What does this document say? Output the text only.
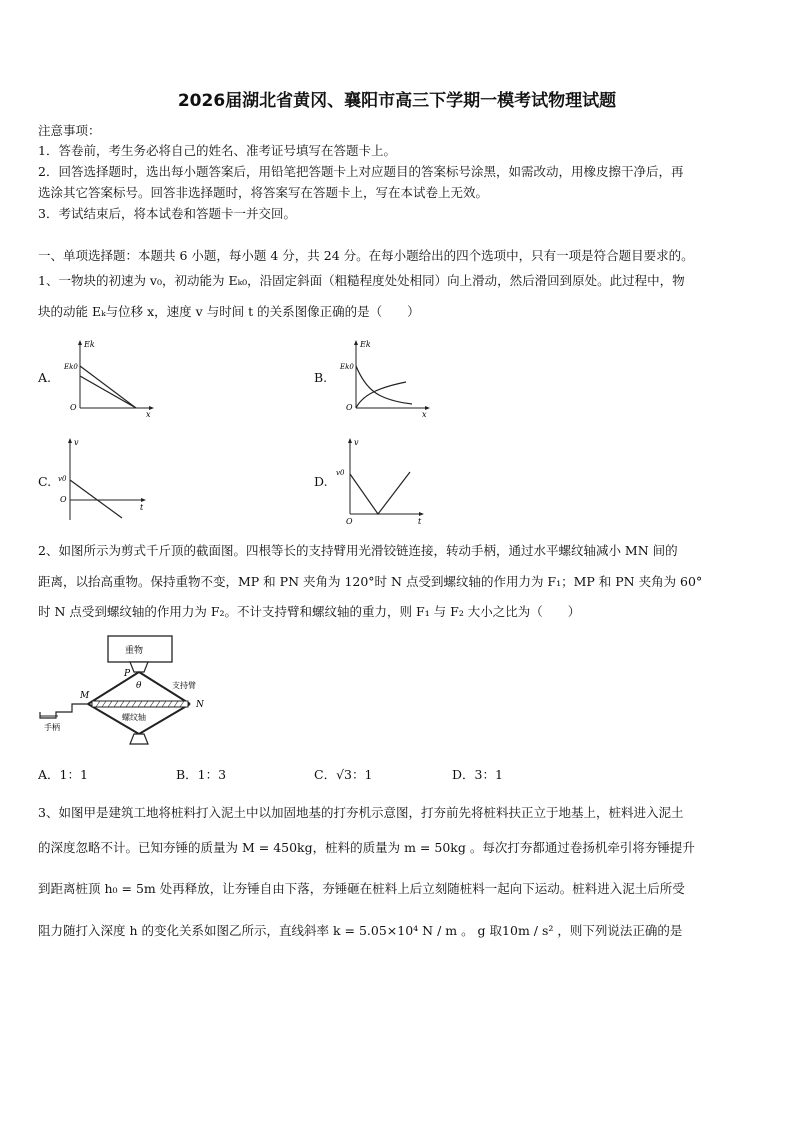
2026届湖北省黄冈、襄阳市高三下学期一模考试物理试题
注意事项：
1．答卷前，考生务必将自己的姓名、准考证号填写在答题卡上。
2．回答选择题时，选出每小题答案后，用铅笔把答题卡上对应题目的答案标号涂黑，如需改动，用橡皮擦干净后，再
选涂其它答案标号。回答非选择题时，将答案写在答题卡上，写在本试卷上无效。
3．考试结束后，将本试卷和答题卡一并交回。
一、单项选择题：本题共 6 小题，每小题 4 分，共 24 分。在每小题给出的四个选项中，只有一项是符合题目要求的。
1、一物块的初速为 v₀，初动能为 Eₖ₀，沿固定斜面（粗糙程度处处相同）向上滑动，然后滑回到原处。此过程中，物
块的动能 Eₖ与位移 x，速度 v 与时间 t 的关系图像正确的是（　　）
A.	B.
C.	D.
Ek
Ek0
O
x
Ek
Ek0
O
x
v
v0
O
t
v
v0
O	t
2、如图所示为剪式千斤顶的截面图。四根等长的支持臂用光滑铰链连接，转动手柄，通过水平螺纹轴减小 MN 间的
距离，以抬高重物。保持重物不变，MP 和 PN 夹角为 120°时 N 点受到螺纹轴的作用力为 F₁；MP 和 PN 夹角为 60°
时 N 点受到螺纹轴的作用力为 F₂。不计支持臂和螺纹轴的重力，则 F₁ 与 F₂ 大小之比为（　　）
重物
P
θ	支持臂
M
N
螺纹轴
手柄
A．1：1	B．1：3	C．√3：1	D．3：1
3、如图甲是建筑工地将桩料打入泥土中以加固地基的打夯机示意图，打夯前先将桩料扶正立于地基上，桩料进入泥土
的深度忽略不计。已知夯锤的质量为 M = 450kg，桩料的质量为 m = 50kg 。每次打夯都通过卷扬机牵引将夯锤提升
到距离桩顶 h₀ = 5m 处再释放，让夯锤自由下落，夯锤砸在桩料上后立刻随桩料一起向下运动。桩料进入泥土后所受
阻力随打入深度 h 的变化关系如图乙所示，直线斜率 k = 5.05×10⁴ N / m 。 g 取10m / s² ，则下列说法正确的是
